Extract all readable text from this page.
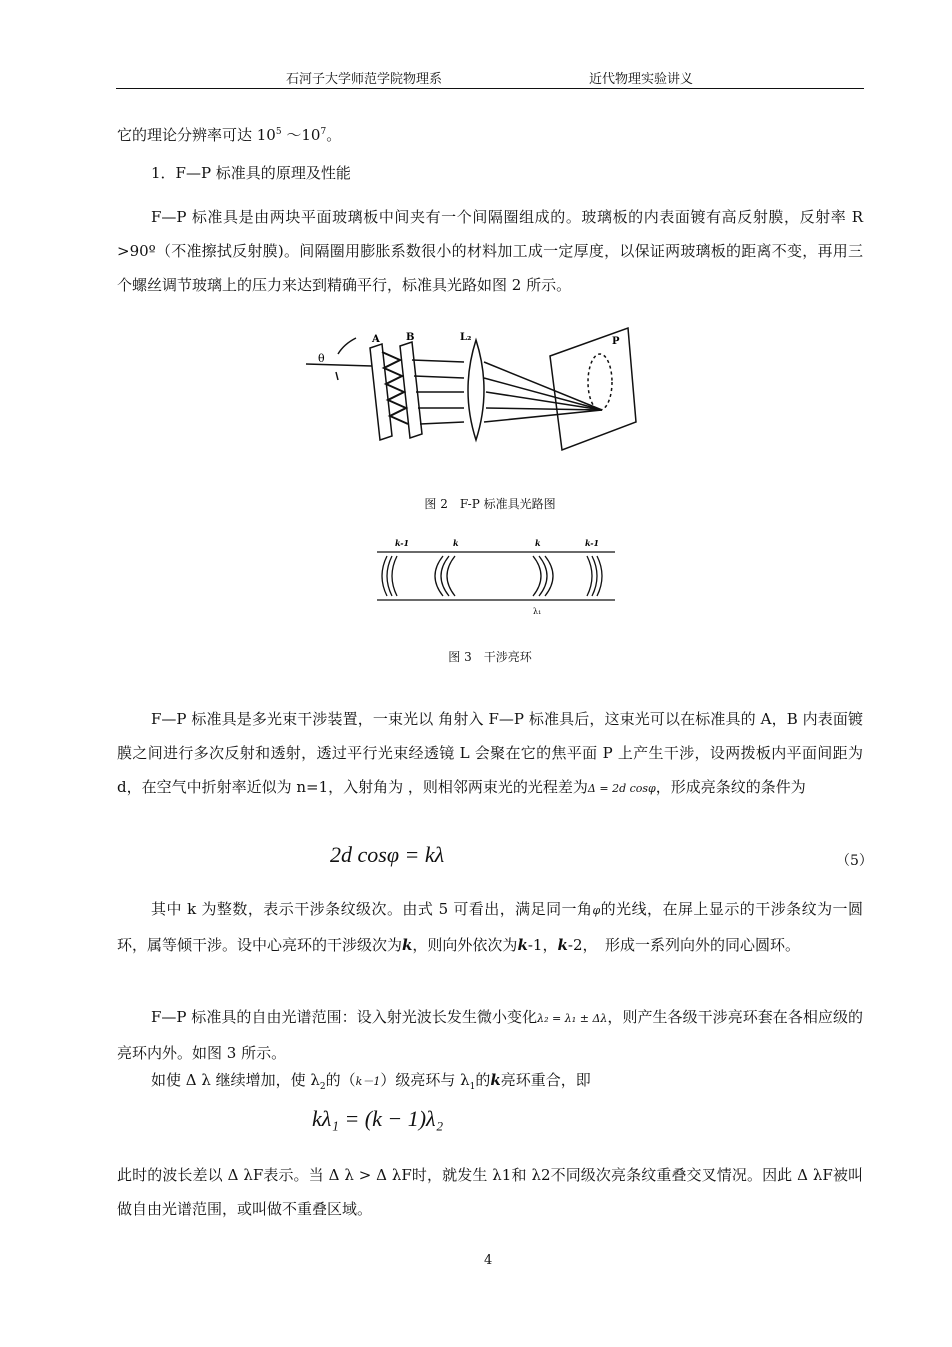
石河子大学师范学院物理系	近代物理实验讲义

它的理论分辨率可达 $10^5$ $\sim 10^7$。

1．F—P 标准具的原理及性能

F—P 标准具是由两块平面玻璃板中间夹有一个间隔圈组成的。玻璃板的内表面镀有高反射膜，反射率 R >90º（不准擦拭反射膜)。间隔圈用膨胀系数很小的材料加工成一定厚度，以保证两玻璃板的距离不变，再用三个螺丝调节玻璃上的压力来达到精确平行，标准具光路如图 2 所示。

θ
A	B	L₂	P
图 2　F-P 标准具光路图
k-1	k	k	k-1
λ₁
图 3　干涉亮环

F—P 标准具是多光束干涉装置，一束光以 角射入 F—P 标准具后，这束光可以在标准具的 A，B 内表面镀膜之间进行多次反射和透射，透过平行光束经透镜 L 会聚在它的焦平面 P 上产生干涉，设两拨板内平面间距为 d，在空气中折射率近似为 n=1，入射角为 ，则相邻两束光的光程差为Δ = 2d cosφ，形成亮条纹的条件为

2d cosφ = kλ	（5）

其中 k 为整数，表示干涉条纹级次。由式 5 可看出，满足同一角φ的光线，在屏上显示的干涉条纹为一圆环，属等倾干涉。设中心亮环的干涉级次为k，则向外依次为k-1，k-2，　形成一系列向外的同心圆环。

F—P 标准具的自由光谱范围：设入射光波长发生微小变化λ₂ = λ₁ ± Δλ，则产生各级干涉亮环套在各相应级的亮环内外。如图 3 所示。

如使 Δ λ 继续增加，使 $\lambda_2$的（k－1）级亮环与 $\lambda_1$的k亮环重合，即

kλ₁ = (k − 1)λ₂

此时的波长差以 Δ λF表示。当 Δ λ > Δ λF时，就发生 λ1和 λ2不同级次亮条纹重叠交叉情况。因此 Δ λF被叫做自由光谱范围，或叫做不重叠区域。

4
